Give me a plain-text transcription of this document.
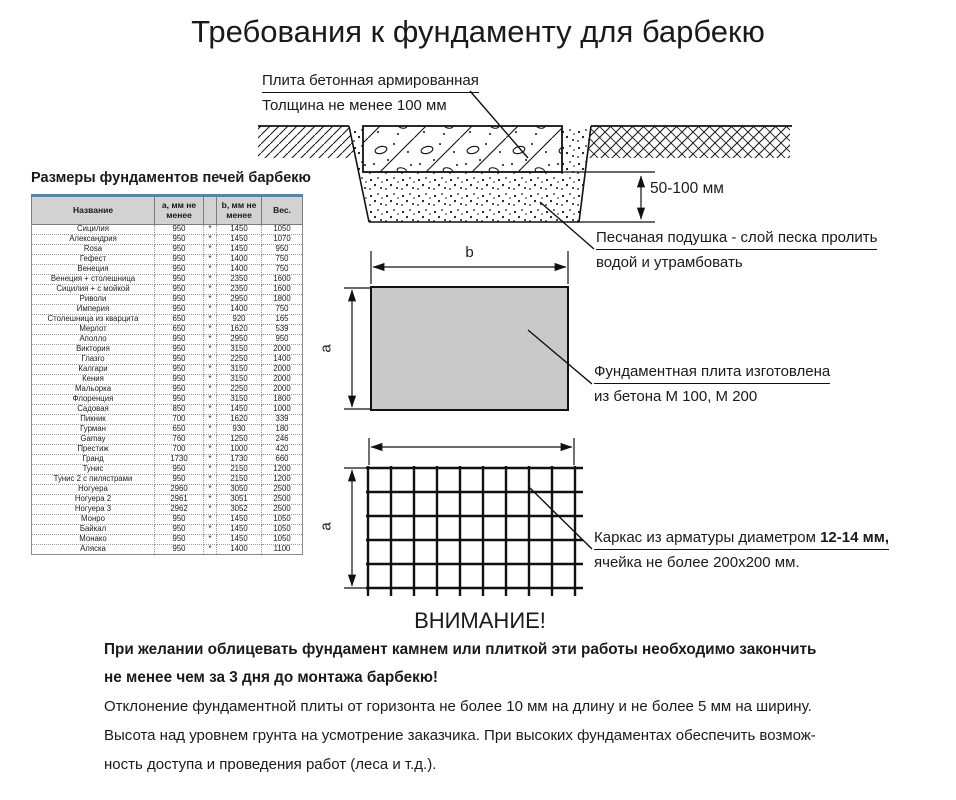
Требования к фундаменту для барбекю
Размеры фундаментов печей барбекю
Название	a, мм не менее		b, мм не менее	Вес.
Сицилия	950	*	1450	1050
Александрия	950	*	1450	1070
Rosa	950	*	1450	950
Гефест	950	*	1400	750
Венеция	950	*	1400	750
Венеция + столешница	950	*	2350	1600
Сицилия + с мойкой	950	*	2350	1600
Риволи	950	*	2950	1800
Империя	950	*	1400	750
Столешница из кварцита	650	*	920	165
Мерлот	650	*	1620	539
Аполло	950	*	2950	950
Виктория	950	*	3150	2000
Глазго	950	*	2250	1400
Калгари	950	*	3150	2000
Кения	950	*	3150	2000
Мальорка	950	*	2250	2000
Флоренция	950	*	3150	1800
Садовая	850	*	1450	1000
Пикник	700	*	1620	339
Гурман	650	*	930	180
Gamay	760	*	1250	246
Престиж	700	*	1000	420
Гранд	1730	*	1730	660
Тунис	950	*	2150	1200
Тунис 2 с пилястрами	950	*	2150	1200
Ногуера	2960	*	3050	2500
Ногуера 2	2961	*	3051	2500
Ногуера 3	2962	*	3052	2500
Монро	950	*	1450	1050
Байкал	950	*	1450	1050
Монако	950	*	1450	1050
Аляска	950	*	1400	1100
Плита бетонная армированная
Толщина не менее 100 мм
50-100 мм
Песчаная подушка - слой песка пролить
водой и утрамбовать
b
a
Фундаментная плита изготовлена
из бетона М 100, М 200
a
Каркас из арматуры диаметром 12-14 мм,
ячейка не более 200х200 мм.
ВНИМАНИЕ!
При желании облицевать фундамент камнем или плиткой эти работы необходимо закончить
не менее чем за 3 дня до монтажа барбекю!
Отклонение фундаментной плиты от горизонта не более 10 мм на длину и не более 5 мм на ширину.
Высота над уровнем грунта на усмотрение заказчика. При высоких фундаментах обеспечить возмож-
ность доступа и проведения работ (леса и т.д.).
